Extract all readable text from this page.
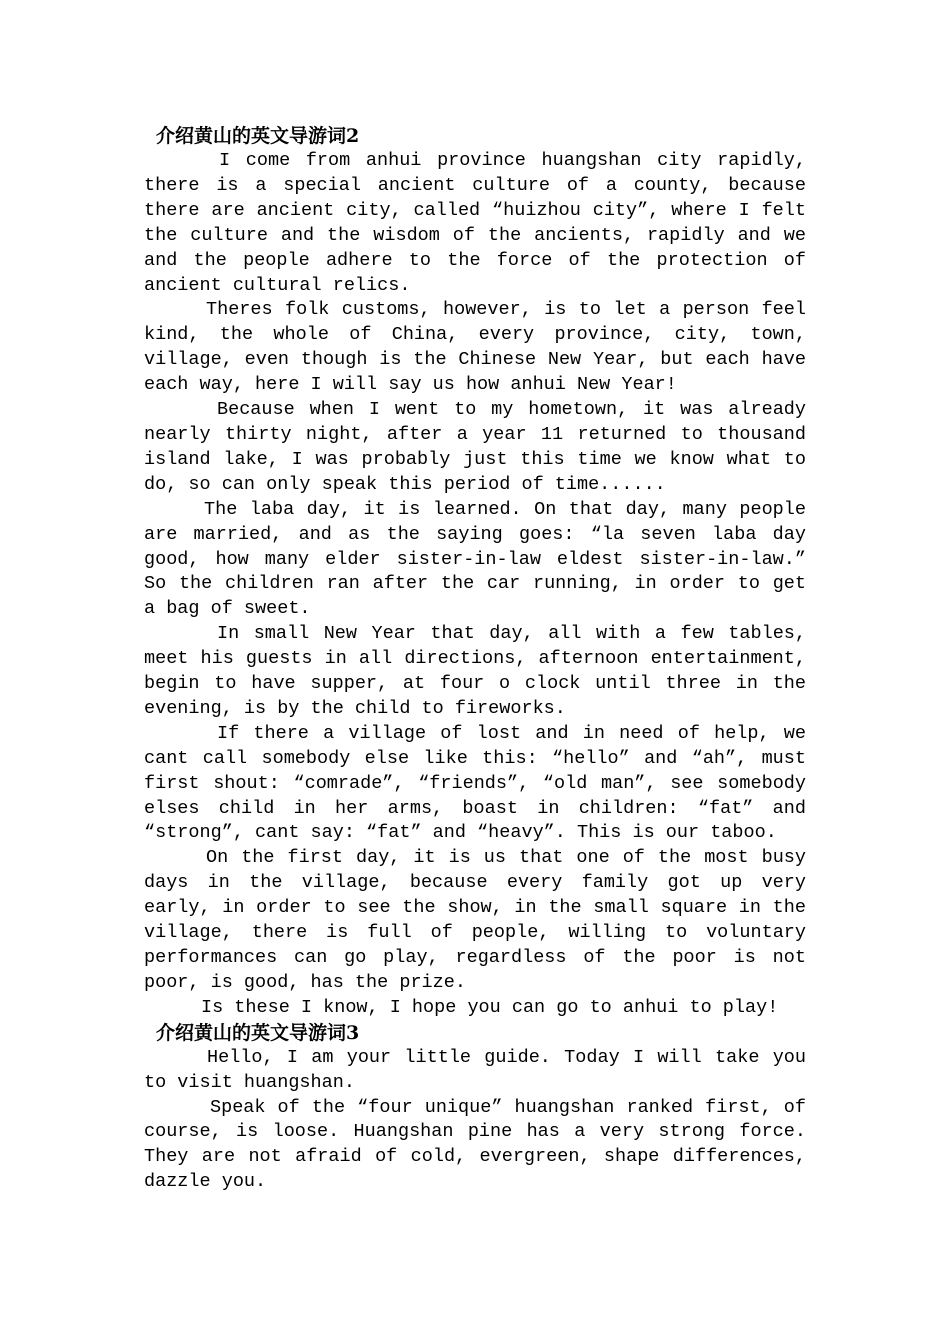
介绍黄山的英文导游词2

I come from anhui province huangshan city rapidly, there is a special ancient culture of a county, because there are ancient city, called “huizhou city”, where I felt the culture and the wisdom of the ancients, rapidly and we and the people adhere to the force of the protection of ancient cultural relics.

Theres folk customs, however, is to let a person feel kind, the whole of China, every province, city, town, village, even though is the Chinese New Year, but each have each way, here I will say us how anhui New Year!

Because when I went to my hometown, it was already nearly thirty night, after a year 11 returned to thousand island lake, I was probably just this time we know what to do, so can only speak this period of time......

The laba day, it is learned. On that day, many people are married, and as the saying goes: “la seven laba day good, how many elder sister-in-law eldest sister-in-law.” So the children ran after the car running, in order to get a bag of sweet.

In small New Year that day, all with a few tables, meet his guests in all directions, afternoon entertainment, begin to have supper, at four o clock until three in the evening, is by the child to fireworks.

If there a village of lost and in need of help, we cant call somebody else like this: “hello” and “ah”, must first shout: “comrade”, “friends”, “old man”, see somebody elses child in her arms, boast in children: “fat” and “strong”, cant say: “fat” and “heavy”. This is our taboo.

On the first day, it is us that one of the most busy days in the village, because every family got up very early, in order to see the show, in the small square in the village, there is full of people, willing to voluntary performances can go play, regardless of the poor is not poor, is good, has the prize.

Is these I know, I hope you can go to anhui to play!

介绍黄山的英文导游词3

Hello, I am your little guide. Today I will take you to visit huangshan.

Speak of the “four unique” huangshan ranked first, of course, is loose. Huangshan pine has a very strong force. They are not afraid of cold, evergreen, shape differences, dazzle you.
